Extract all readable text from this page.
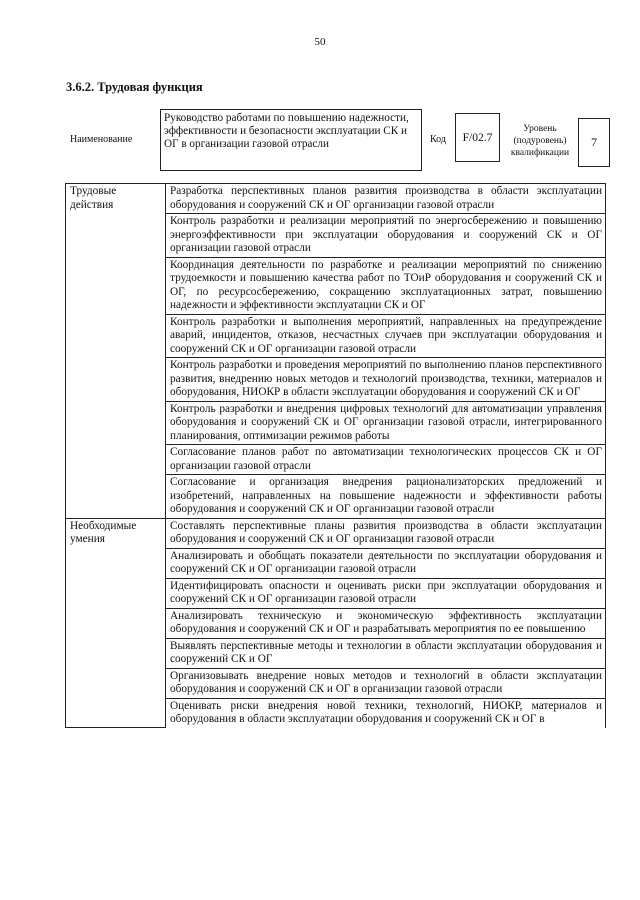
50
3.6.2. Трудовая функция
Наименование
Руководство работами по повышению надежности, эффективности и безопасности эксплуатации СК и ОГ в организации газовой отрасли	Код	F/02.7
Уровень (подуровень) квалификации
7
Трудовые действия	Разработка перспективных планов развития производства в области эксплуатации оборудования и сооружений СК и ОГ организации газовой отрасли
	Контроль разработки и реализации мероприятий по энергосбережению и повышению энергоэффективности при эксплуатации оборудования и сооружений СК и ОГ организации газовой отрасли
	Координация деятельности по разработке и реализации мероприятий по снижению трудоемкости и повышению качества работ по ТОиР оборудования и сооружений СК и ОГ, по ресурсосбережению, сокращению эксплуатационных затрат, повышению надежности и эффективности эксплуатации СК и ОГ
	Контроль разработки и выполнения мероприятий, направленных на предупреждение аварий, инцидентов, отказов, несчастных случаев при эксплуатации оборудования и сооружений СК и ОГ организации газовой отрасли
	Контроль разработки и проведения мероприятий по выполнению планов перспективного развития, внедрению новых методов и технологий производства, техники, материалов и оборудования, НИОКР в области эксплуатации оборудования и сооружений СК и ОГ
	Контроль разработки и внедрения цифровых технологий для автоматизации управления оборудования и сооружений СК и ОГ организации газовой отрасли, интегрированного планирования, оптимизации режимов работы
	Согласование планов работ по автоматизации технологических процессов СК и ОГ организации газовой отрасли
	Согласование и организация внедрения рационализаторских предложений и изобретений, направленных на повышение надежности и эффективности работы оборудования и сооружений СК и ОГ организации газовой отрасли
Необходимые умения	Составлять перспективные планы развития производства в области эксплуатации оборудования и сооружений СК и ОГ организации газовой отрасли
	Анализировать и обобщать показатели деятельности по эксплуатации оборудования и сооружений СК и ОГ организации газовой отрасли
	Идентифицировать опасности и оценивать риски при эксплуатации оборудования и сооружений СК и ОГ организации газовой отрасли
	Анализировать техническую и экономическую эффективность эксплуатации оборудования и сооружений СК и ОГ и разрабатывать мероприятия по ее повышению
	Выявлять перспективные методы и технологии в области эксплуатации оборудования и сооружений СК и ОГ
	Организовывать внедрение новых методов и технологий в области эксплуатации оборудования и сооружений СК и ОГ в организации газовой отрасли
	Оценивать риски внедрения новой техники, технологий, НИОКР, материалов и оборудования в области эксплуатации оборудования и сооружений СК и ОГ в
